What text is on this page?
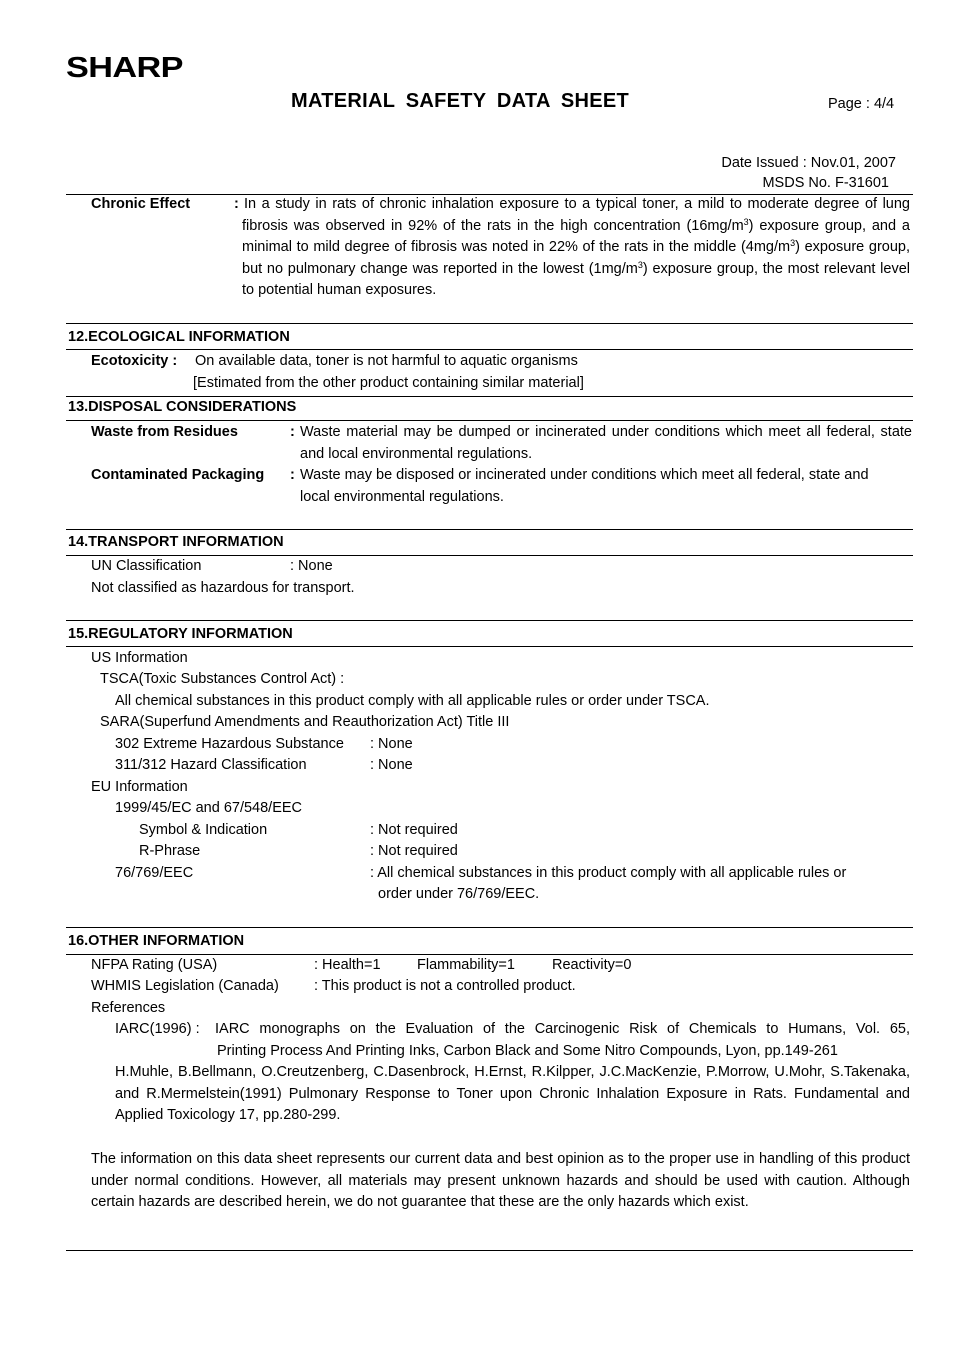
SHARP
MATERIAL SAFETY DATA SHEET	Page : 4/4
Date Issued : Nov.01, 2007
MSDS No. F-31601
Chronic Effect	: In a study in rats of chronic inhalation exposure to a typical toner, a mild to moderate degree of lung fibrosis was observed in 92% of the rats in the high concentration $(16mg/m^3)$ exposure group, and a minimal to mild degree of fibrosis was noted in 22% of the rats in the middle $(4mg/m^3)$ exposure group, but no pulmonary change was reported in the lowest $(1mg/m^3)$ exposure group, the most relevant level to potential human exposures.
12.ECOLOGICAL INFORMATION
Ecotoxicity : On available data, toner is not harmful to aquatic organisms
[Estimated from the other product containing similar material]
13.DISPOSAL CONSIDERATIONS
Waste from Residues	: Waste material may be dumped or incinerated under conditions which meet all federal, state and local environmental regulations.
Contaminated Packaging : Waste may be disposed or incinerated under conditions which meet all federal, state and local environmental regulations.
14.TRANSPORT INFORMATION
UN Classification	: None
Not classified as hazardous for transport.
15.REGULATORY INFORMATION
US Information
TSCA(Toxic Substances Control Act) :
All chemical substances in this product comply with all applicable rules or order under TSCA.
SARA(Superfund Amendments and Reauthorization Act) Title III
302 Extreme Hazardous Substance : None
311/312 Hazard Classification	: None
EU Information
1999/45/EC and 67/548/EEC
Symbol & Indication	: Not required
R-Phrase	: Not required
76/769/EEC	: All chemical substances in this product comply with all applicable rules or
order under 76/769/EEC.
16.OTHER INFORMATION
NFPA Rating (USA)	: Health=1	Flammability=1	Reactivity=0
WHMIS Legislation (Canada) : This product is not a controlled product.
References
IARC(1996) : IARC monographs on the Evaluation of the Carcinogenic Risk of Chemicals to Humans, Vol. 65,
Printing Process And Printing Inks, Carbon Black and Some Nitro Compounds, Lyon, pp.149-261
H.Muhle, B.Bellmann, O.Creutzenberg, C.Dasenbrock, H.Ernst, R.Kilpper, J.C.MacKenzie, P.Morrow, U.Mohr, S.Takenaka, and R.Mermelstein(1991) Pulmonary Response to Toner upon Chronic Inhalation Exposure in Rats. Fundamental and Applied Toxicology 17, pp.280-299.
The information on this data sheet represents our current data and best opinion as to the proper use in handling of this product under normal conditions. However, all materials may present unknown hazards and should be used with caution. Although certain hazards are described herein, we do not guarantee that these are the only hazards which exist.
